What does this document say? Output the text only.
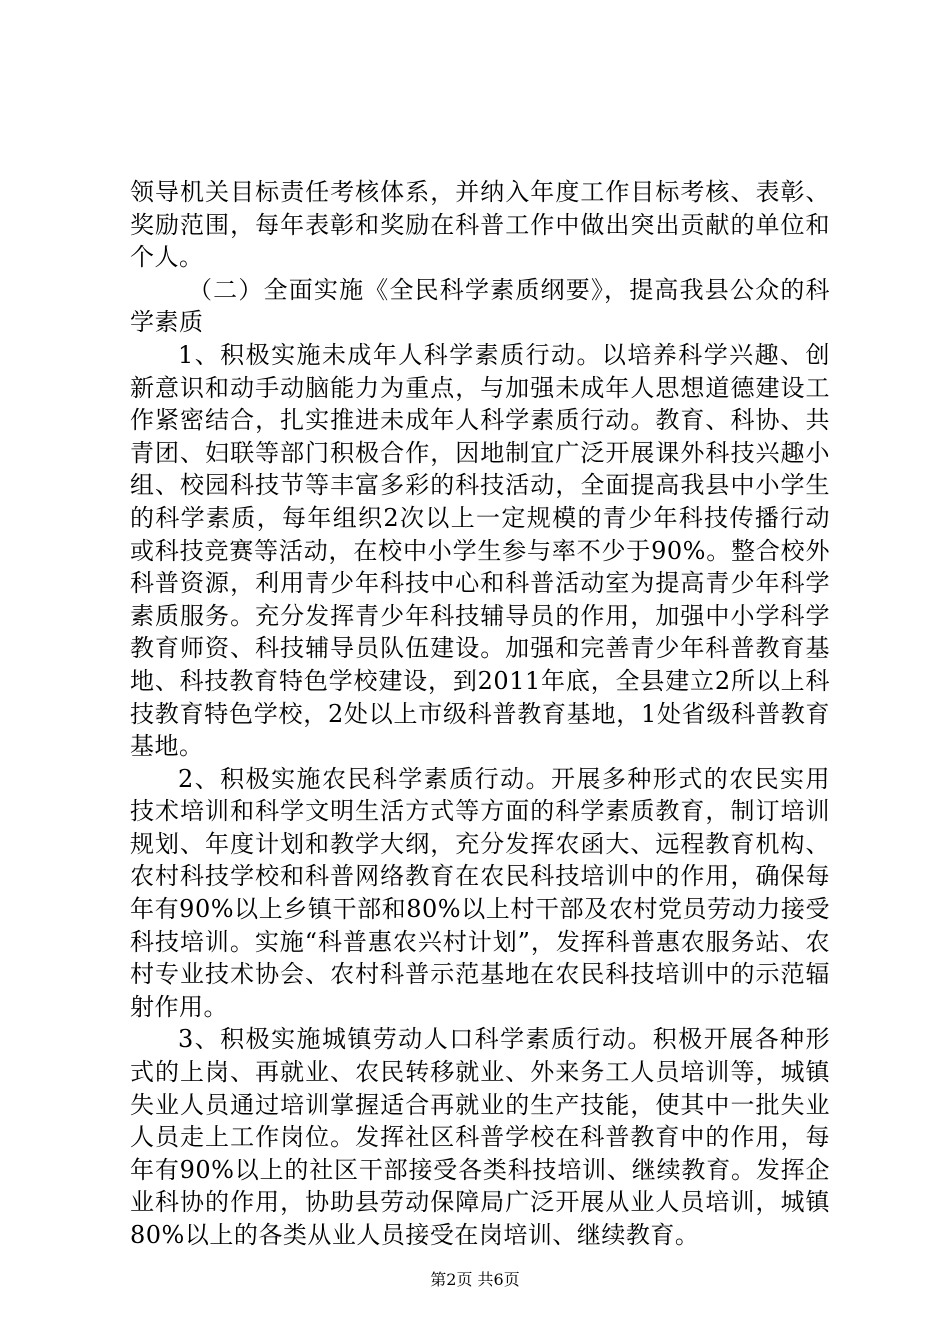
领导机关目标责任考核体系，并纳入年度工作目标考核、表彰、奖励范围，每年表彰和奖励在科普工作中做出突出贡献的单位和个人。

（二）全面实施《全民科学素质纲要》，提高我县公众的科学素质

1、积极实施未成年人科学素质行动。以培养科学兴趣、创新意识和动手动脑能力为重点，与加强未成年人思想道德建设工作紧密结合，扎实推进未成年人科学素质行动。教育、科协、共青团、妇联等部门积极合作，因地制宜广泛开展课外科技兴趣小组、校园科技节等丰富多彩的科技活动，全面提高我县中小学生的科学素质，每年组织2次以上一定规模的青少年科技传播行动或科技竞赛等活动，在校中小学生参与率不少于90%。整合校外科普资源，利用青少年科技中心和科普活动室为提高青少年科学素质服务。充分发挥青少年科技辅导员的作用，加强中小学科学教育师资、科技辅导员队伍建设。加强和完善青少年科普教育基地、科技教育特色学校建设，到2011年底，全县建立2所以上科技教育特色学校，2处以上市级科普教育基地，1处省级科普教育基地。

2、积极实施农民科学素质行动。开展多种形式的农民实用技术培训和科学文明生活方式等方面的科学素质教育，制订培训规划、年度计划和教学大纲，充分发挥农函大、远程教育机构、农村科技学校和科普网络教育在农民科技培训中的作用，确保每年有90%以上乡镇干部和80%以上村干部及农村党员劳动力接受科技培训。实施“科普惠农兴村计划”，发挥科普惠农服务站、农村专业技术协会、农村科普示范基地在农民科技培训中的示范辐射作用。

3、积极实施城镇劳动人口科学素质行动。积极开展各种形式的上岗、再就业、农民转移就业、外来务工人员培训等，城镇失业人员通过培训掌握适合再就业的生产技能，使其中一批失业人员走上工作岗位。发挥社区科普学校在科普教育中的作用，每年有90%以上的社区干部接受各类科技培训、继续教育。发挥企业科协的作用，协助县劳动保障局广泛开展从业人员培训，城镇80%以上的各类从业人员接受在岗培训、继续教育。

第2页 共6页
